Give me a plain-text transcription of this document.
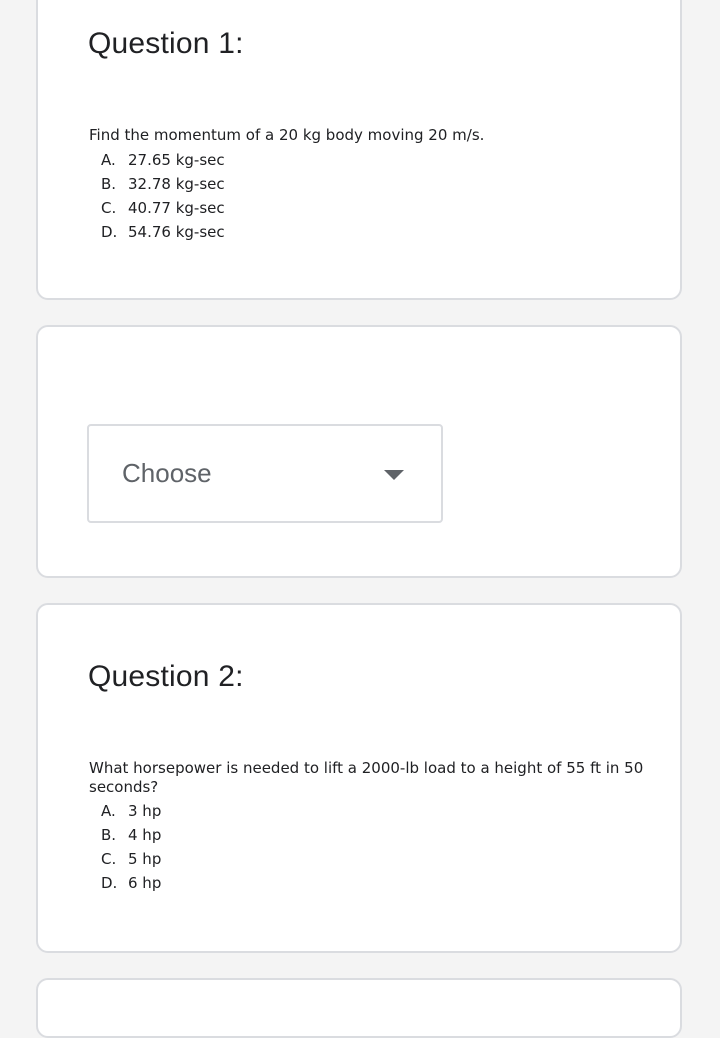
Question 1:

Find the momentum of a 20 kg body moving 20 m/s.

A. 27.65 kg-sec
B. 32.78 kg-sec
C. 40.77 kg-sec
D. 54.76 kg-sec
Choose
Question 2:

What horsepower is needed to lift a 2000-lb load to a height of 55 ft in 50 seconds?

A. 3 hp
B. 4 hp
C. 5 hp
D. 6 hp
